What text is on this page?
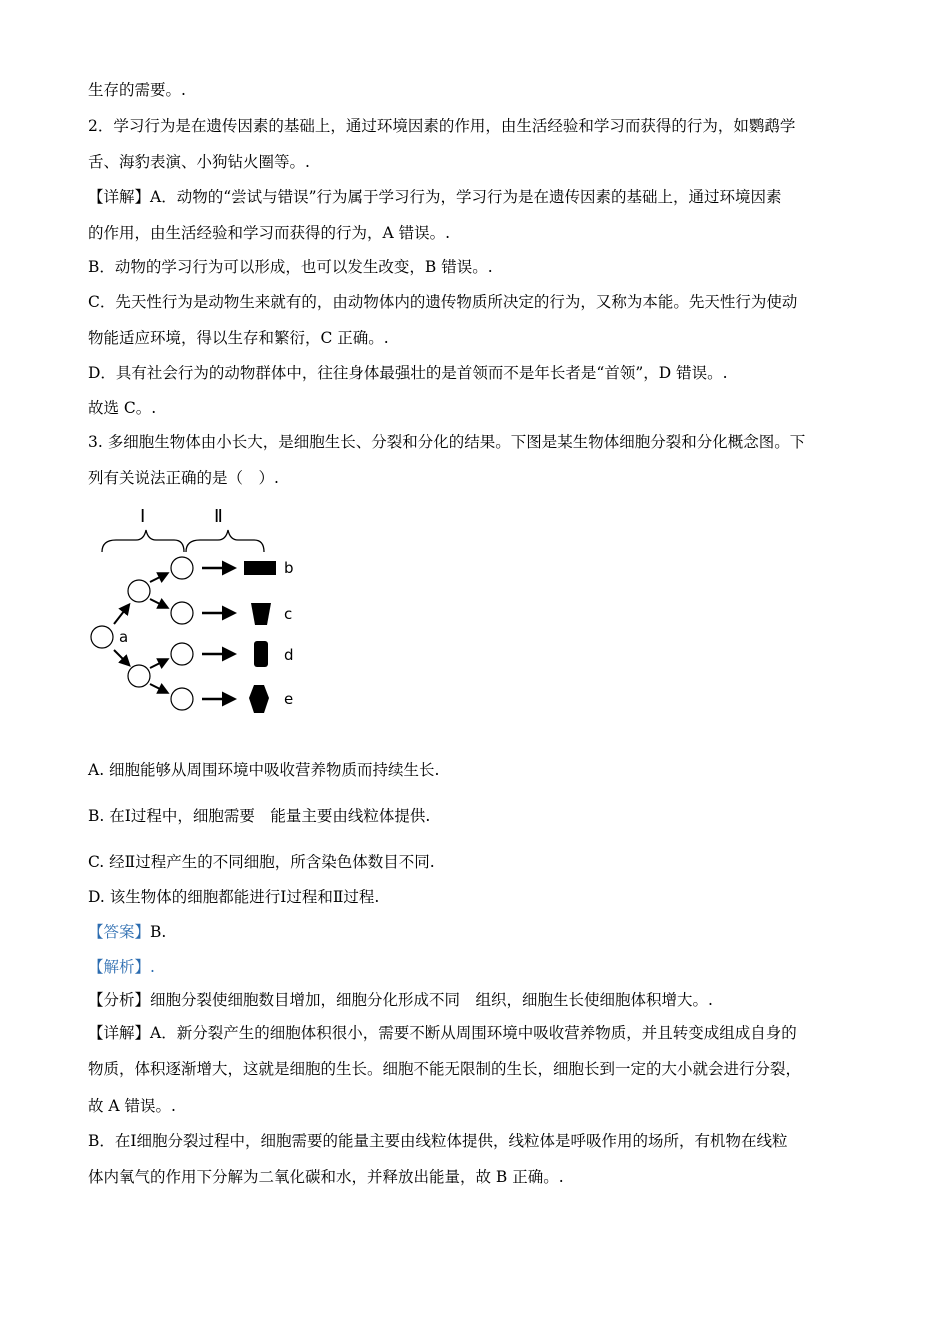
生存的需要。.
2．学习行为是在遗传因素的基础上，通过环境因素的作用，由生活经验和学习而获得的行为，如鹦鹉学
舌、海豹表演、小狗钻火圈等。.
【详解】A．动物的“尝试与错误”行为属于学习行为，学习行为是在遗传因素的基础上，通过环境因素
的作用，由生活经验和学习而获得的行为，A 错误。.
B．动物的学习行为可以形成，也可以发生改变，B 错误。.
C．先天性行为是动物生来就有的，由动物体内的遗传物质所决定的行为，又称为本能。先天性行为使动
物能适应环境，得以生存和繁衍，C 正确。.
D．具有社会行为的动物群体中，往往身体最强壮的是首领而不是年长者是“首领”，D 错误。.
故选 C。.
3. 多细胞生物体由小长大，是细胞生长、分裂和分化的结果。下图是某生物体细胞分裂和分化概念图。下
列有关说法正确的是（　）.
Ⅰ	Ⅱ
a
b
c
d
e
A. 细胞能够从周围环境中吸收营养物质而持续生长.
B. 在Ⅰ过程中，细胞需要　能量主要由线粒体提供.
C. 经Ⅱ过程产生的不同细胞，所含染色体数目不同.
D. 该生物体的细胞都能进行Ⅰ过程和Ⅱ过程.
【答案】B.
【解析】.
【分析】细胞分裂使细胞数目增加，细胞分化形成不同　组织，细胞生长使细胞体积增大。.
【详解】A．新分裂产生的细胞体积很小，需要不断从周围环境中吸收营养物质，并且转变成组成自身的
物质，体积逐渐增大，这就是细胞的生长。细胞不能无限制的生长，细胞长到一定的大小就会进行分裂，
故 A 错误。.
B．在Ⅰ细胞分裂过程中，细胞需要的能量主要由线粒体提供，线粒体是呼吸作用的场所，有机物在线粒
体内氧气的作用下分解为二氧化碳和水，并释放出能量，故 B 正确。.
